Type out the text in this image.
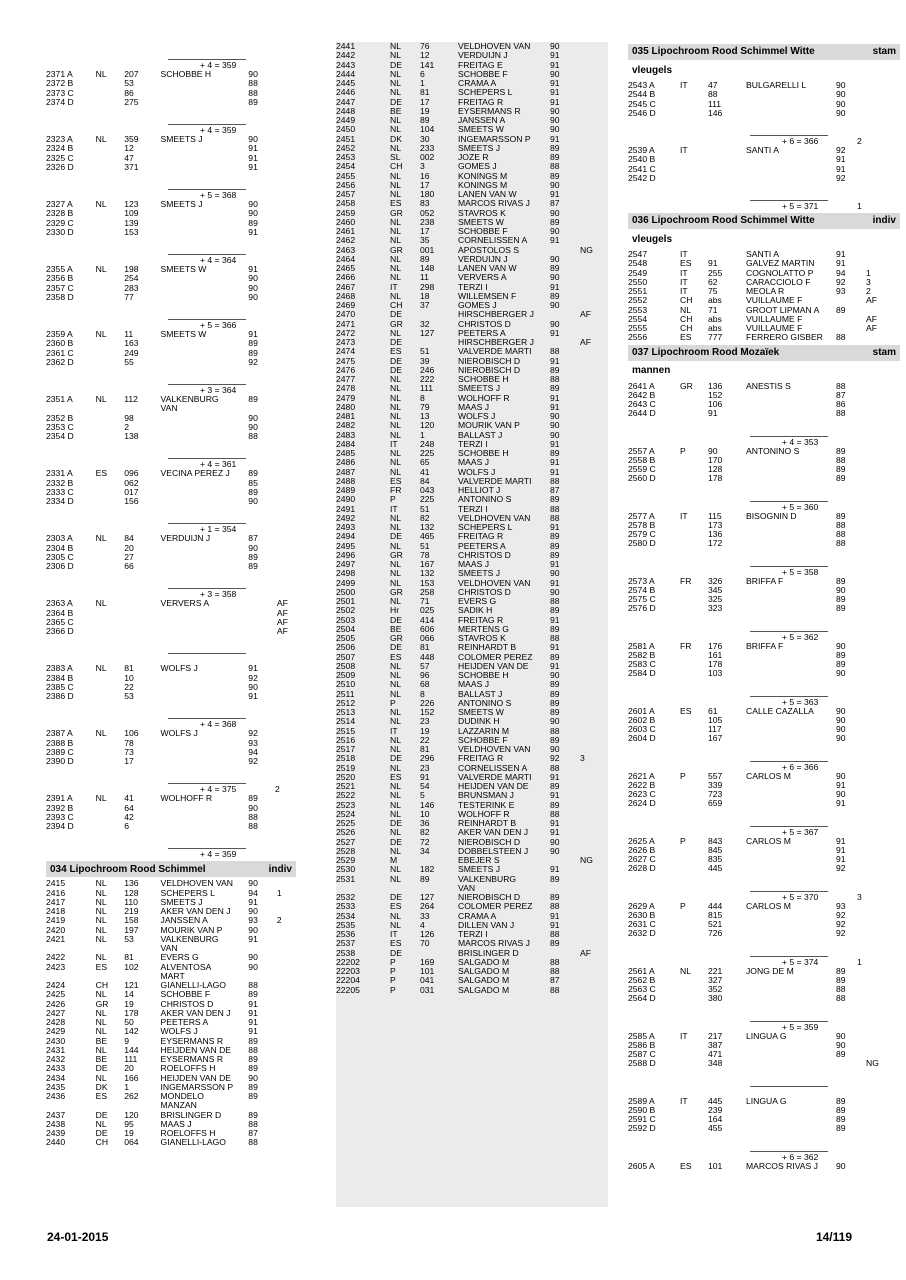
+ 4 = 359
2371 A	NL	207	SCHOBBE H	90
2372 B	53	88
2373 C	86	88
2374 D	275	89
+ 4 = 359
2323 A	NL	359	SMEETS J	90
2324 B	12	91
2325 C	47	91
2326 D	371	91
+ 5 = 368
2327 A	NL	123	SMEETS J	90
2328 B	109	90
2329 C	139	89
2330 D	153	91
+ 4 = 364
2355 A	NL	198	SMEETS W	91
2356 B	254	90
2357 C	283	90
2358 D	77	90
+ 5 = 366
2359 A	NL	11	SMEETS W	91
2360 B	163	89
2361 C	249	89
2362 D	55	92
+ 3 = 364
2351 A	NL	112	VALKENBURG	89
VAN
2352 B	98	90
2353 C	2	90
2354 D	138	88
+ 4 = 361
2331 A	ES	096	VECINA PEREZ J	89
2332 B	062	85
2333 C	017	89
2334 D	156	90
+ 1 = 354
2303 A	NL	84	VERDUIJN J	87
2304 B	20	90
2305 C	27	89
2306 D	66	89
+ 3 = 358
2363 A	NL	VERVERS A	AF
2364 B	AF
2365 C	AF
2366 D	AF
2383 A	NL	81	WOLFS J	91
2384 B	10	92
2385 C	22	90
2386 D	53	91
+ 4 = 368
2387 A	NL	106	WOLFS J	92
2388 B	78	93
2389 C	73	94
2390 D	17	92
+ 4 = 375	2
2391 A	NL	41	WOLHOFF R	89
2392 B	64	90
2393 C	42	88
2394 D	6	88
+ 4 = 359
034 Lipochroom Rood Schimmel	indiv
2415	NL	136	VELDHOVEN VAN	90
2416	NL	128	SCHEPERS L	94	1
2417	NL	110	SMEETS J	91
2418	NL	219	AKER VAN DEN J	90
2419	NL	158	JANSSEN A	93	2
2420	NL	197	MOURIK VAN P	90
2421	NL	53	VALKENBURG	91
VAN
2422	NL	81	EVERS G	90
2423	ES	102	ALVENTOSA	90
MART
2424	CH	121	GIANELLI-LAGO	88
2425	NL	14	SCHOBBE F	89
2426	GR	19	CHRISTOS D	91
2427	NL	178	AKER VAN DEN J	91
2428	NL	50	PEETERS A	91
2429	NL	142	WOLFS J	91
2430	BE	9	EYSERMANS R	89
2431	NL	144	HEIJDEN VAN DE	88
2432	BE	111	EYSERMANS R	89
2433	DE	20	ROELOFFS H	89
2434	NL	166	HEIJDEN VAN DE	90
2435	DK	1	INGEMARSSON P	89
2436	ES	262	MONDELO	89
MANZAN
2437	DE	120	BRISLINGER D	89
2438	NL	95	MAAS J	88
2439	DE	19	ROELOFFS H	87
2440	CH	064	GIANELLI-LAGO	88
2441	NL	76	VELDHOVEN VAN	90
2442	NL	12	VERDUIJN J	91
2443	DE	141	FREITAG E	91
2444	NL	6	SCHOBBE F	90
2445	NL	1	CRAMA A	91
2446	NL	81	SCHEPERS L	91
2447	DE	17	FREITAG R	91
2448	BE	19	EYSERMANS R	90
2449	NL	89	JANSSEN A	90
2450	NL	104	SMEETS W	90
2451	DK	30	INGEMARSSON P	91
2452	NL	233	SMEETS J	89
2453	SL	002	JOZE R	89
2454	CH	3	GOMES J	88
2455	NL	16	KONINGS M	89
2456	NL	17	KONINGS M	90
2457	NL	180	LANEN VAN W	91
2458	ES	83	MARCOS RIVAS J	87
2459	GR	052	STAVROS K	90
2460	NL	238	SMEETS W	89
2461	NL	17	SCHOBBE F	90
2462	NL	35	CORNELISSEN A	91
2463	GR	001	APOSTOLOS S	NG
2464	NL	89	VERDUIJN J	90
2465	NL	148	LANEN VAN W	89
2466	NL	11	VERVERS A	90
2467	IT	298	TERZI I	91
2468	NL	18	WILLEMSEN F	89
2469	CH	37	GOMES J	90
2470	DE	HIRSCHBERGER J	AF
2471	GR	32	CHRISTOS D	90
2472	NL	127	PEETERS A	91
2473	DE	HIRSCHBERGER J	AF
2474	ES	51	VALVERDE MARTI	88
2475	DE	39	NIEROBISCH D	91
2476	DE	246	NIEROBISCH D	89
2477	NL	222	SCHOBBE H	88
2478	NL	111	SMEETS J	89
2479	NL	8	WOLHOFF R	91
2480	NL	79	MAAS J	91
2481	NL	13	WOLFS J	90
2482	NL	120	MOURIK VAN P	90
2483	NL	1	BALLAST J	90
2484	IT	248	TERZI I	91
2485	NL	225	SCHOBBE H	89
2486	NL	65	MAAS J	91
2487	NL	41	WOLFS J	91
2488	ES	84	VALVERDE MARTI	88
2489	FR	043	HELLIOT J	87
2490	P	225	ANTONINO S	89
2491	IT	51	TERZI I	88
2492	NL	82	VELDHOVEN VAN	88
2493	NL	132	SCHEPERS L	91
2494	DE	465	FREITAG R	89
2495	NL	51	PEETERS A	89
2496	GR	78	CHRISTOS D	89
2497	NL	167	MAAS J	91
2498	NL	132	SMEETS J	90
2499	NL	153	VELDHOVEN VAN	91
2500	GR	258	CHRISTOS D	90
2501	NL	71	EVERS G	88
2502	Hr	025	SADIK H	89
2503	DE	414	FREITAG R	91
2504	BE	606	MERTENS G	89
2505	GR	066	STAVROS K	88
2506	DE	81	REINHARDT B	91
2507	ES	448	COLOMER PEREZ	89
2508	NL	57	HEIJDEN VAN DE	91
2509	NL	96	SCHOBBE H	90
2510	NL	68	MAAS J	89
2511	NL	8	BALLAST J	89
2512	P	226	ANTONINO S	89
2513	NL	152	SMEETS W	89
2514	NL	23	DUDINK H	90
2515	IT	19	LAZZARIN M	88
2516	NL	22	SCHOBBE F	89
2517	NL	81	VELDHOVEN VAN	90
2518	DE	296	FREITAG R	92	3
2519	NL	23	CORNELISSEN A	88
2520	ES	91	VALVERDE MARTI	91
2521	NL	54	HEIJDEN VAN DE	89
2522	NL	5	BRUNSMAN J	91
2523	NL	146	TESTERINK E	89
2524	NL	10	WOLHOFF R	88
2525	DE	36	REINHARDT B	91
2526	NL	82	AKER VAN DEN J	91
2527	DE	72	NIEROBISCH D	90
2528	NL	34	DOBBELSTEEN J	90
2529	M	EBEJER S	NG
2530	NL	182	SMEETS J	91
2531	NL	89	VALKENBURG	89
VAN
2532	DE	127	NIEROBISCH D	89
2533	ES	264	COLOMER PEREZ	88
2534	NL	33	CRAMA A	91
2535	NL	4	DILLEN VAN J	91
2536	IT	126	TERZI I	88
2537	ES	70	MARCOS RIVAS J	89
2538	DE	BRISLINGER D	AF
22202	P	169	SALGADO M	88
22203	P	101	SALGADO M	88
22204	P	041	SALGADO M	87
22205	P	031	SALGADO M	88
035 Lipochroom Rood Schimmel Witte	stam
vleugels
2543 A	IT	47	BULGARELLI L	90
2544 B	88	90
2545 C	111	90
2546 D	146	90
+ 6 = 366	2
2539 A	IT	SANTI A	92
2540 B	91
2541 C	91
2542 D	92
+ 5 = 371	1
036 Lipochroom Rood Schimmel Witte	indiv
vleugels
2547	IT	SANTI A	91
2548	ES	91	GALVEZ MARTIN	91
2549	IT	255	COGNOLATTO P	94	1
2550	IT	62	CARACCIOLO F	92	3
2551	IT	75	MEOLA R	93	2
2552	CH	abs	VUILLAUME F	AF
2553	NL	71	GROOT LIPMAN A	89
2554	CH	abs	VUILLAUME F	AF
2555	CH	abs	VUILLAUME F	AF
2556	ES	777	FERRERO GISBER	88
037 Lipochroom Rood Mozaïek	stam
mannen
2641 A	GR	136	ANESTIS S	88
2642 B	152	87
2643 C	106	86
2644 D	91	88
+ 4 = 353
2557 A	P	90	ANTONINO S	89
2558 B	170	88
2559 C	128	89
2560 D	178	89
+ 5 = 360
2577 A	IT	115	BISOGNIN D	89
2578 B	173	88
2579 C	136	88
2580 D	172	88
+ 5 = 358
2573 A	FR	326	BRIFFA F	89
2574 B	345	90
2575 C	325	89
2576 D	323	89
+ 5 = 362
2581 A	FR	176	BRIFFA F	90
2582 B	161	89
2583 C	178	89
2584 D	103	90
+ 5 = 363
2601 A	ES	61	CALLE CAZALLA	90
2602 B	105	90
2603 C	117	90
2604 D	167	90
+ 6 = 366
2621 A	P	557	CARLOS M	90
2622 B	339	91
2623 C	723	90
2624 D	659	91
+ 5 = 367
2625 A	P	843	CARLOS M	91
2626 B	845	91
2627 C	835	91
2628 D	445	92
+ 5 = 370	3
2629 A	P	444	CARLOS M	93
2630 B	815	92
2631 C	521	92
2632 D	726	92
+ 5 = 374	1
2561 A	NL	221	JONG DE M	89
2562 B	327	89
2563 C	352	88
2564 D	380	88
+ 5 = 359
2585 A	IT	217	LINGUA G	90
2586 B	387	90
2587 C	471	89
2588 D	348	NG
2589 A	IT	445	LINGUA G	89
2590 B	239	89
2591 C	164	89
2592 D	455	89
+ 6 = 362
2605 A	ES	101	MARCOS RIVAS J	90
24-01-2015	14/119
